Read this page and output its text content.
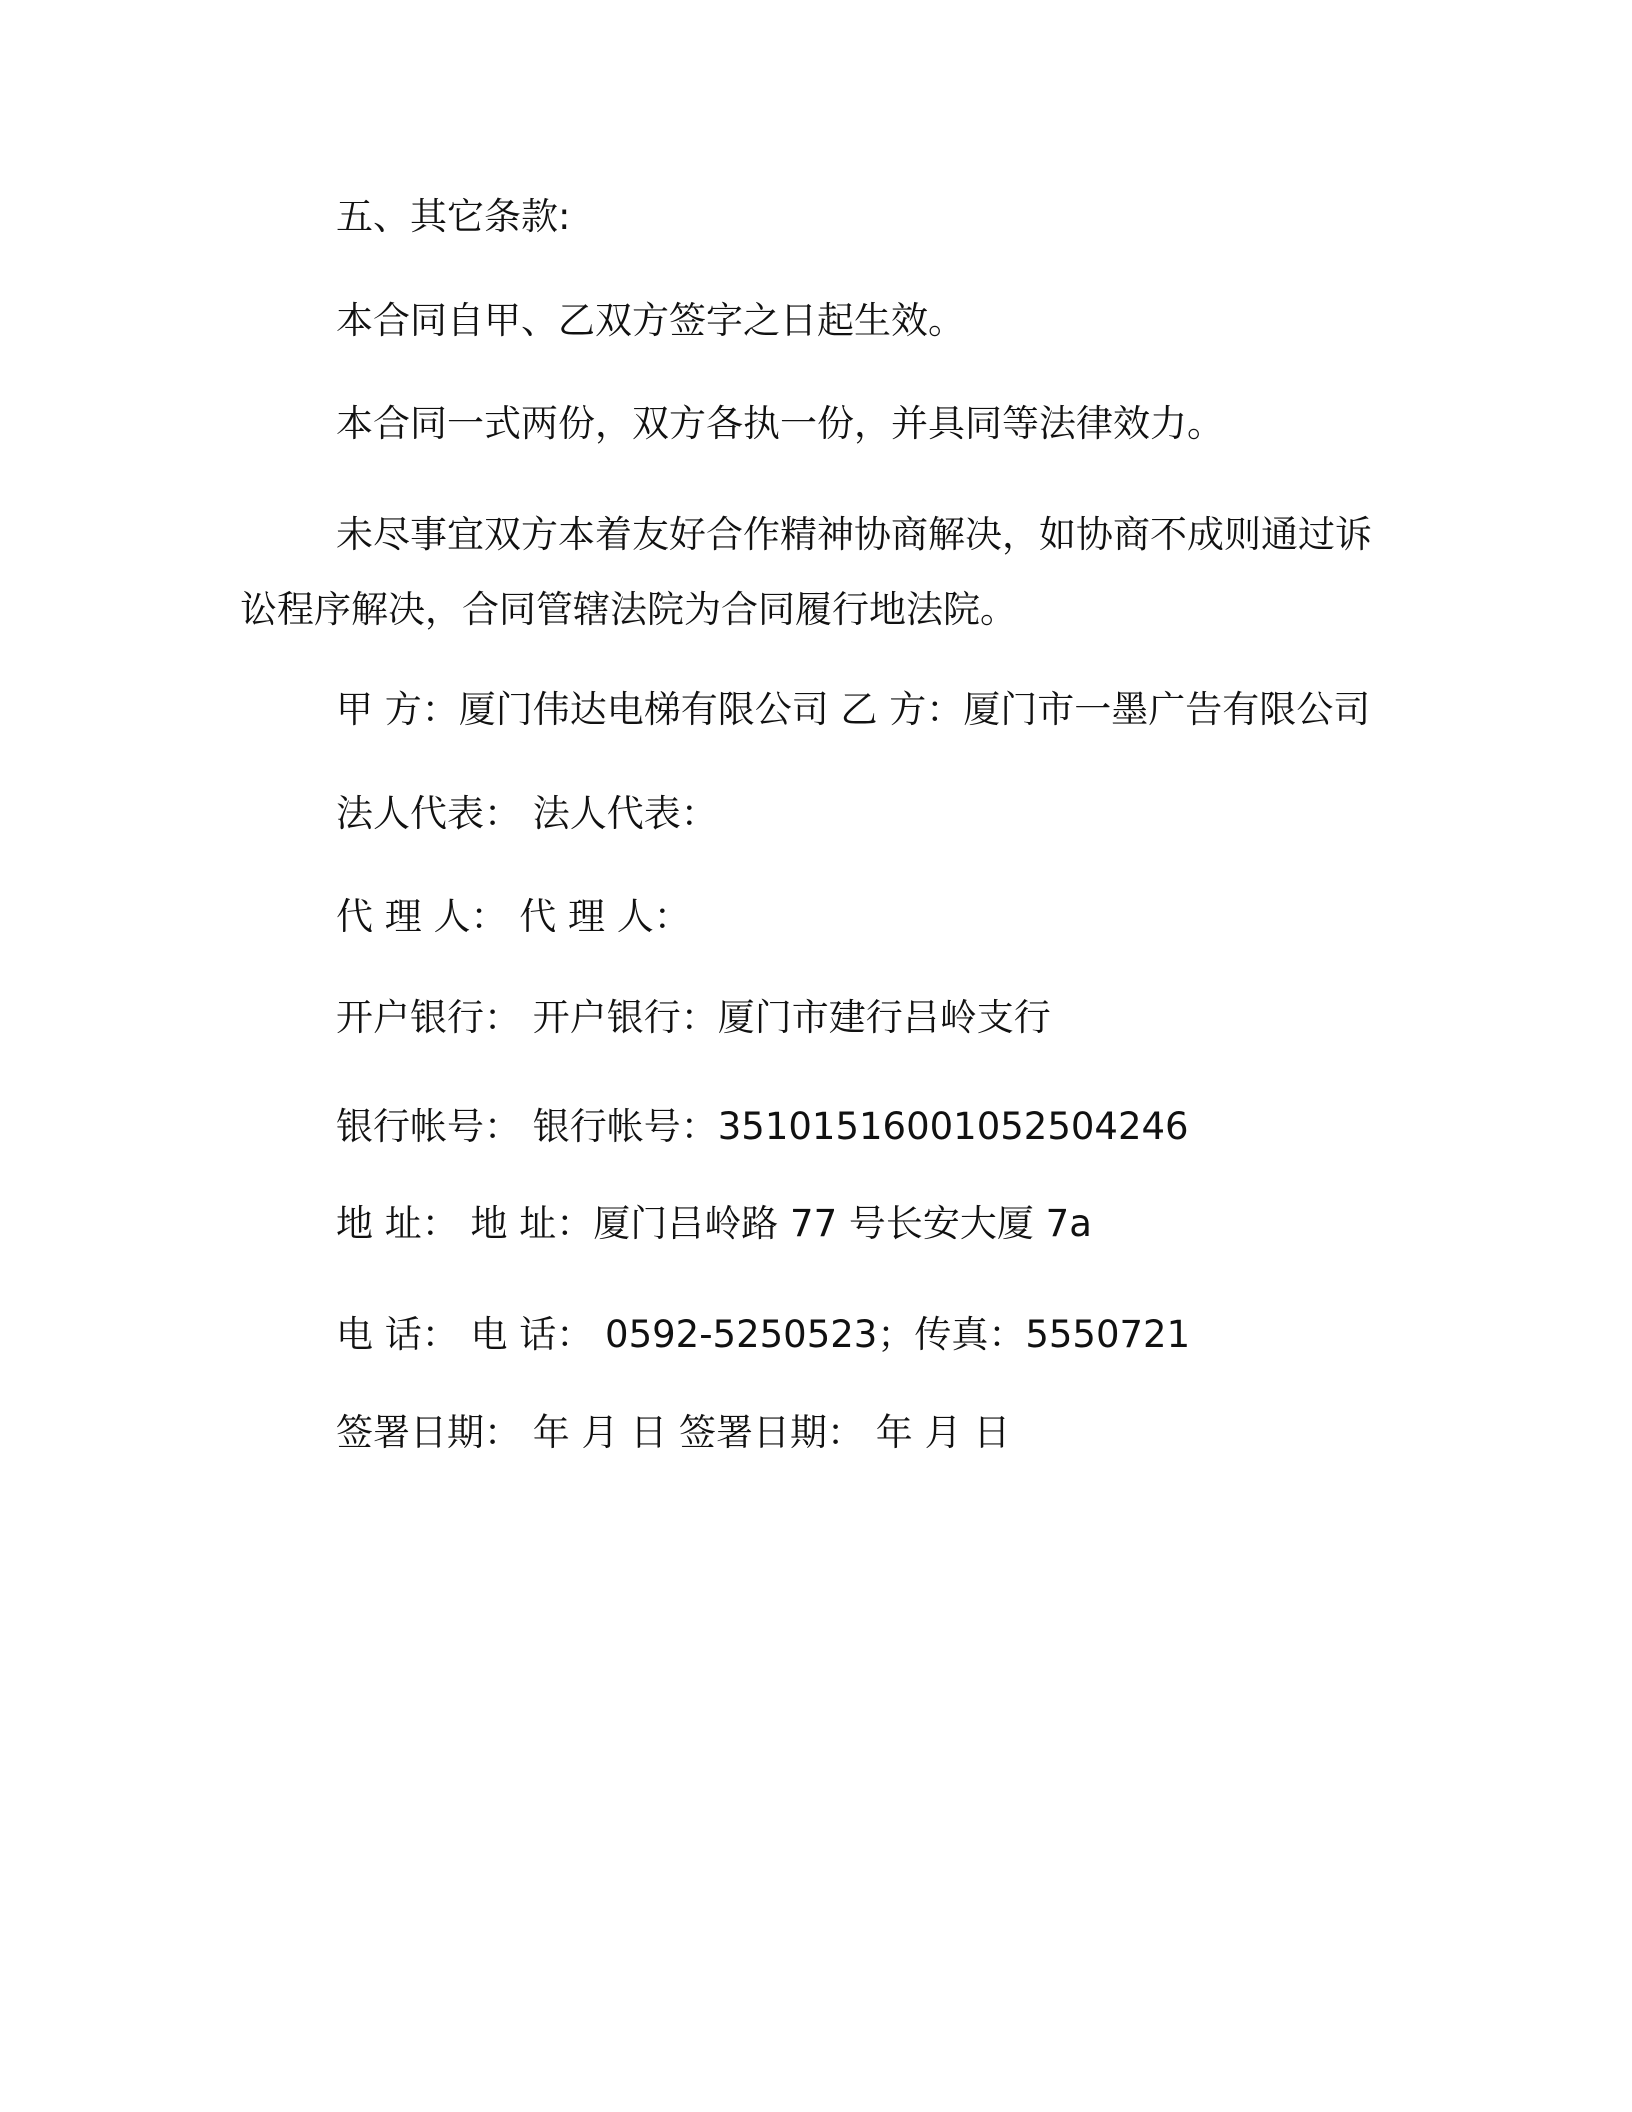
五、其它条款:
本合同自甲、乙双方签字之日起生效。
本合同一式两份，双方各执一份，并具同等法律效力。
未尽事宜双方本着友好合作精神协商解决，如协商不成则通过诉讼程序解决，合同管辖法院为合同履行地法院。
甲 方：厦门伟达电梯有限公司 乙 方：厦门市一墨广告有限公司
法人代表： 法人代表：
代 理 人： 代 理 人：
开户银行： 开户银行：厦门市建行吕岭支行
银行帐号： 银行帐号：35101516001052504246
地 址： 地 址：厦门吕岭路 77 号长安大厦 7a
电 话： 电 话： 0592-5250523；传真：5550721
签署日期： 年 月 日 签署日期： 年 月 日
